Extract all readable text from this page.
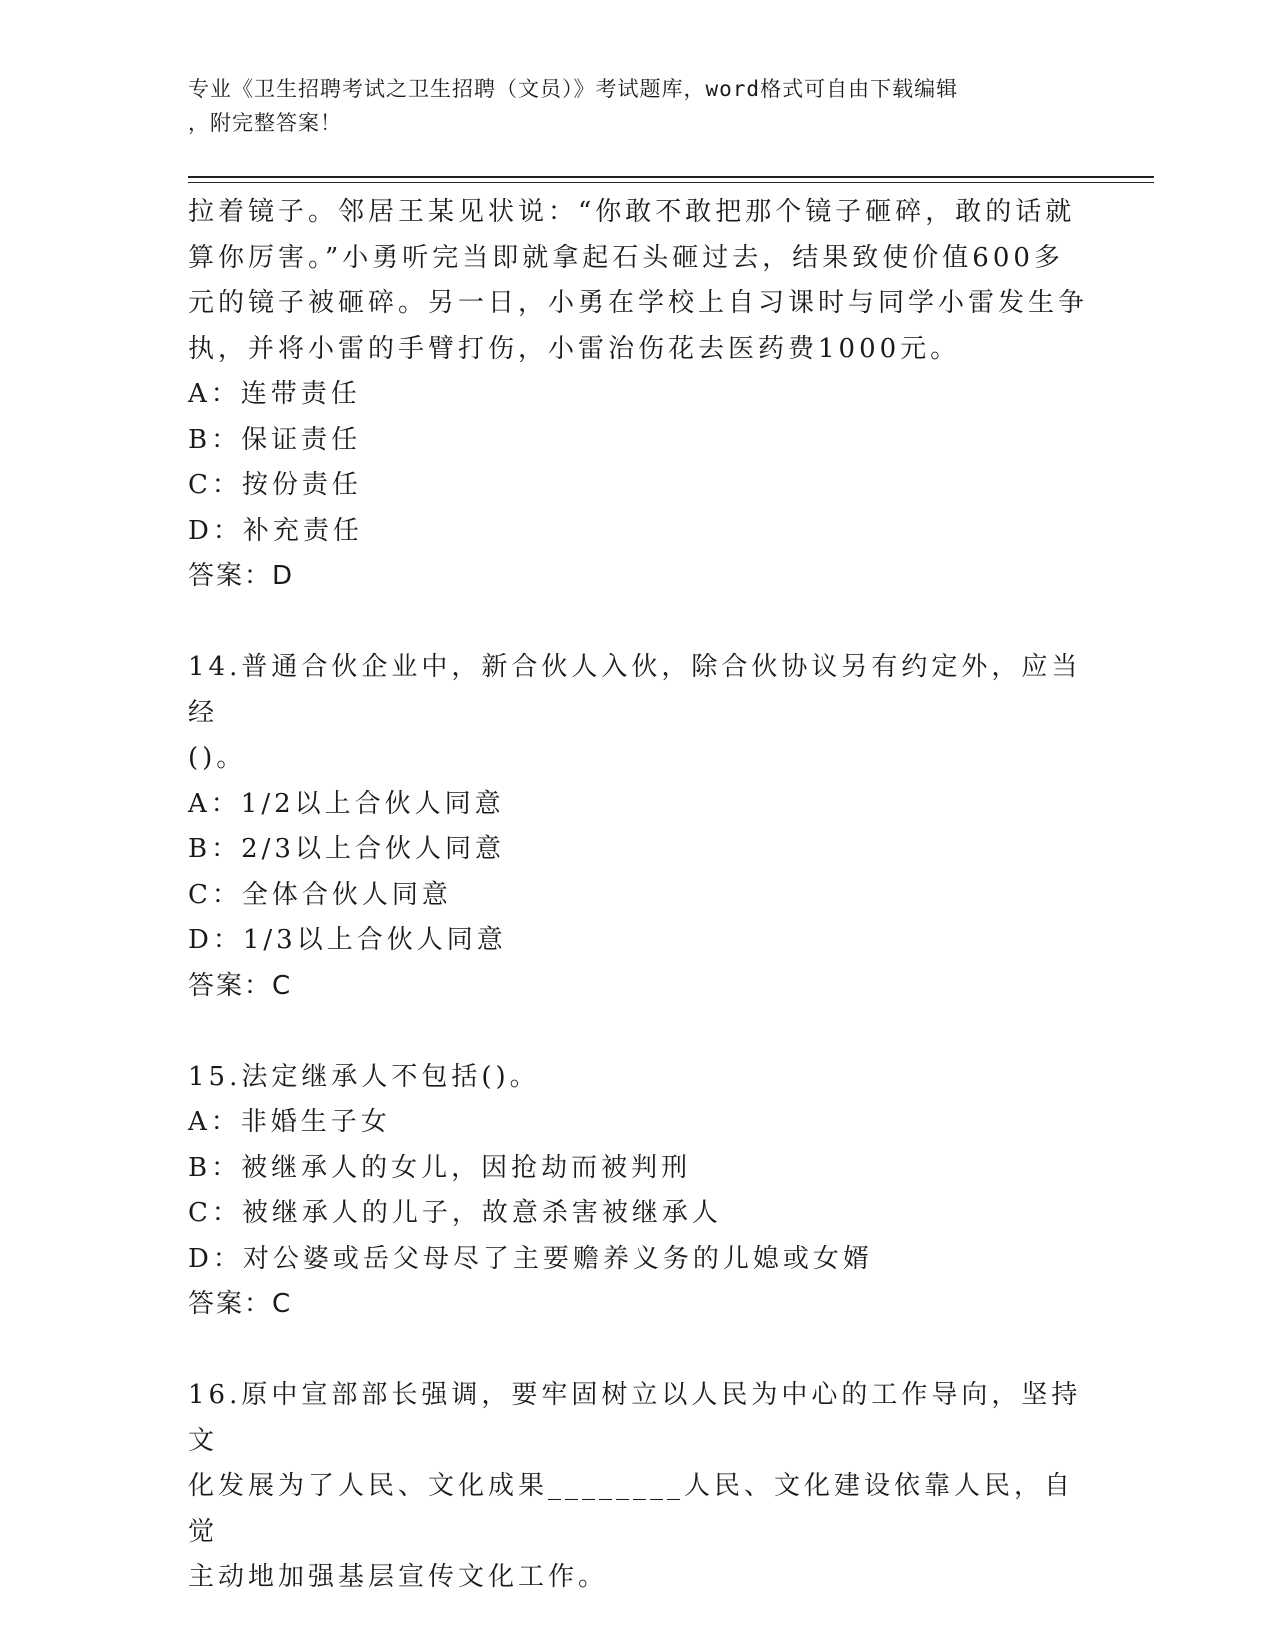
专业《卫生招聘考试之卫生招聘（文员）》考试题库，word格式可自由下载编辑
，附完整答案！

拉着镜子。邻居王某见状说：“你敢不敢把那个镜子砸碎，敢的话就

算你厉害。”小勇听完当即就拿起石头砸过去，结果致使价值600多

元的镜子被砸碎。另一日，小勇在学校上自习课时与同学小雷发生争

执，并将小雷的手臂打伤，小雷治伤花去医药费1000元。

A：连带责任

B：保证责任

C：按份责任

D：补充责任

答案：D

14.普通合伙企业中，新合伙人入伙，除合伙协议另有约定外，应当经

()。

A：1/2以上合伙人同意

B：2/3以上合伙人同意

C：全体合伙人同意

D：1/3以上合伙人同意

答案：C

15.法定继承人不包括()。

A：非婚生子女

B：被继承人的女儿，因抢劫而被判刑

C：被继承人的儿子，故意杀害被继承人

D：对公婆或岳父母尽了主要赡养义务的儿媳或女婿

答案：C

16.原中宣部部长强调，要牢固树立以人民为中心的工作导向，坚持文

化发展为了人民、文化成果________人民、文化建设依靠人民，自觉

主动地加强基层宣传文化工作。
